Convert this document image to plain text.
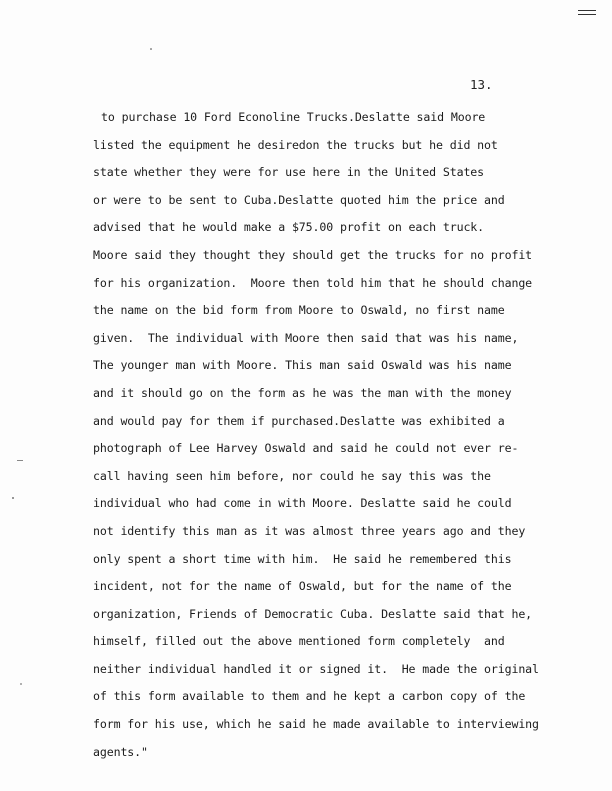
13.
to purchase 10 Ford Econoline Trucks.Deslatte said Moore
listed the equipment he desiredon the trucks but he did not
state whether they were for use here in the United States
or were to be sent to Cuba.Deslatte quoted him the price and
advised that he would make a $75.00 profit on each truck.
Moore said they thought they should get the trucks for no profit
for his organization.  Moore then told him that he should change
the name on the bid form from Moore to Oswald, no first name
given.  The individual with Moore then said that was his name,
The younger man with Moore. This man said Oswald was his name
and it should go on the form as he was the man with the money
and would pay for them if purchased.Deslatte was exhibited a
photograph of Lee Harvey Oswald and said he could not ever re-
call having seen him before, nor could he say this was the
individual who had come in with Moore. Deslatte said he could
not identify this man as it was almost three years ago and they
only spent a short time with him.  He said he remembered this
incident, not for the name of Oswald, but for the name of the
organization, Friends of Democratic Cuba. Deslatte said that he,
himself, filled out the above mentioned form completely  and
neither individual handled it or signed it.  He made the original
of this form available to them and he kept a carbon copy of the
form for his use, which he said he made available to interviewing
agents."
